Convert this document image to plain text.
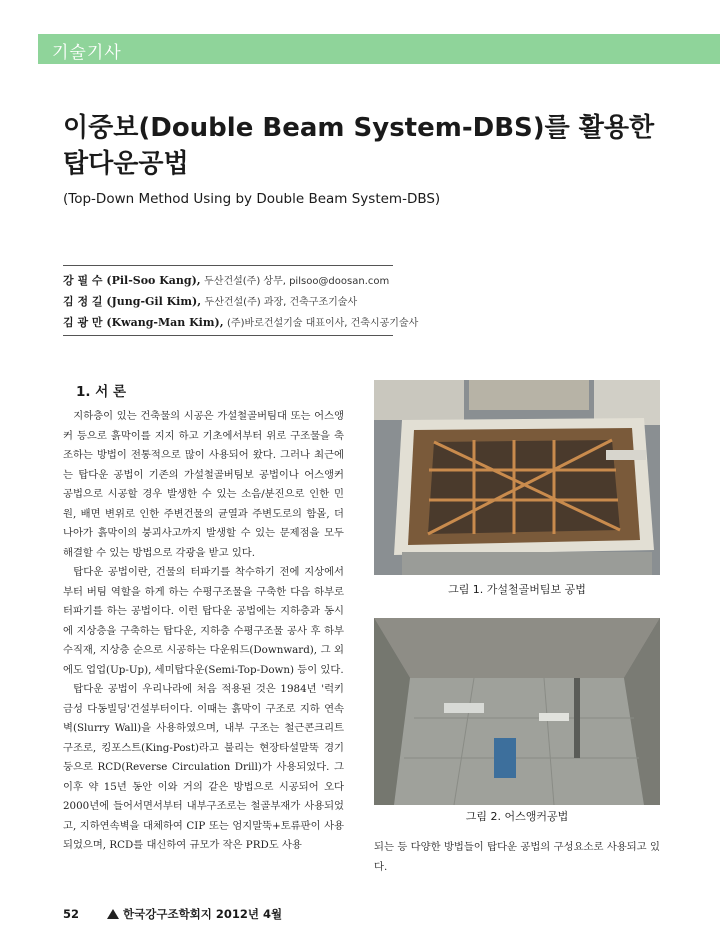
기술기사
이중보(Double Beam System-DBS)를 활용한
탑다운공법
(Top-Down Method Using by Double Beam System-DBS)
강 필 수 (Pil-Soo Kang), 두산건설(주) 상무, pilsoo@doosan.com
김 정 길 (Jung-Gil Kim), 두산건설(주) 과장, 건축구조기술사
김 광 만 (Kwang-Man Kim), (주)바로건설기술 대표이사, 건축시공기술사
1. 서 론

지하층이 있는 건축물의 시공은 가설철골버팀대 또는 어스앵커 등으로 흙막이를 지지 하고 기초에서부터 위로 구조물을 축조하는 방법이 전통적으로 많이 사용되어 왔다. 그러나 최근에는 탑다운 공법이 기존의 가설철골버팀보 공법이나 어스앵커 공법으로 시공할 경우 발생한 수 있는 소음/분진으로 인한 민원, 배면 변위로 인한 주변건물의 균열과 주변도로의 함몰, 더 나아가 흙막이의 붕괴사고까지 발생할 수 있는 문제점을 모두 해결할 수 있는 방법으로 각광을 받고 있다.

탑다운 공법이란, 건물의 터파기를 착수하기 전에 지상에서부터 버팀 역할을 하게 하는 수평구조물을 구축한 다음 하부로 터파기를 하는 공법이다. 이런 탑다운 공법에는 지하층과 동시에 지상층을 구축하는 탑다운, 지하층 수평구조물 공사 후 하부 수직재, 지상층 순으로 시공하는 다운워드(Downward), 그 외에도 업업(Up-Up), 세미탑다운(Semi-Top-Down) 등이 있다.

탑다운 공법이 우리나라에 처음 적용된 것은 1984년 '럭키금성 다동빌딩'건설부터이다. 이때는 흙막이 구조로 지하 연속벽(Slurry Wall)을 사용하였으며, 내부 구조는 철근콘크리트 구조로, 킹포스트(King-Post)라고 불리는 현장타설말뚝 경기둥으로 RCD(Reverse Circulation Drill)가 사용되었다. 그 이후 약 15년 동안 이와 거의 같은 방법으로 시공되어 오다 2000년에 들어서면서부터 내부구조로는 철골부재가 사용되었고, 지하연속벽을 대체하여 CIP 또는 엄지말뚝+토류판이 사용되었으며, RCD를 대신하여 규모가 작은 PRD도 사용

그림 1. 가설철골버팀보 공법
그림 2. 어스앵커공법

되는 등 다양한 방법들이 탑다운 공법의 구성요소로 사용되고 있다.

52	한국강구조학회지 2012년 4월
